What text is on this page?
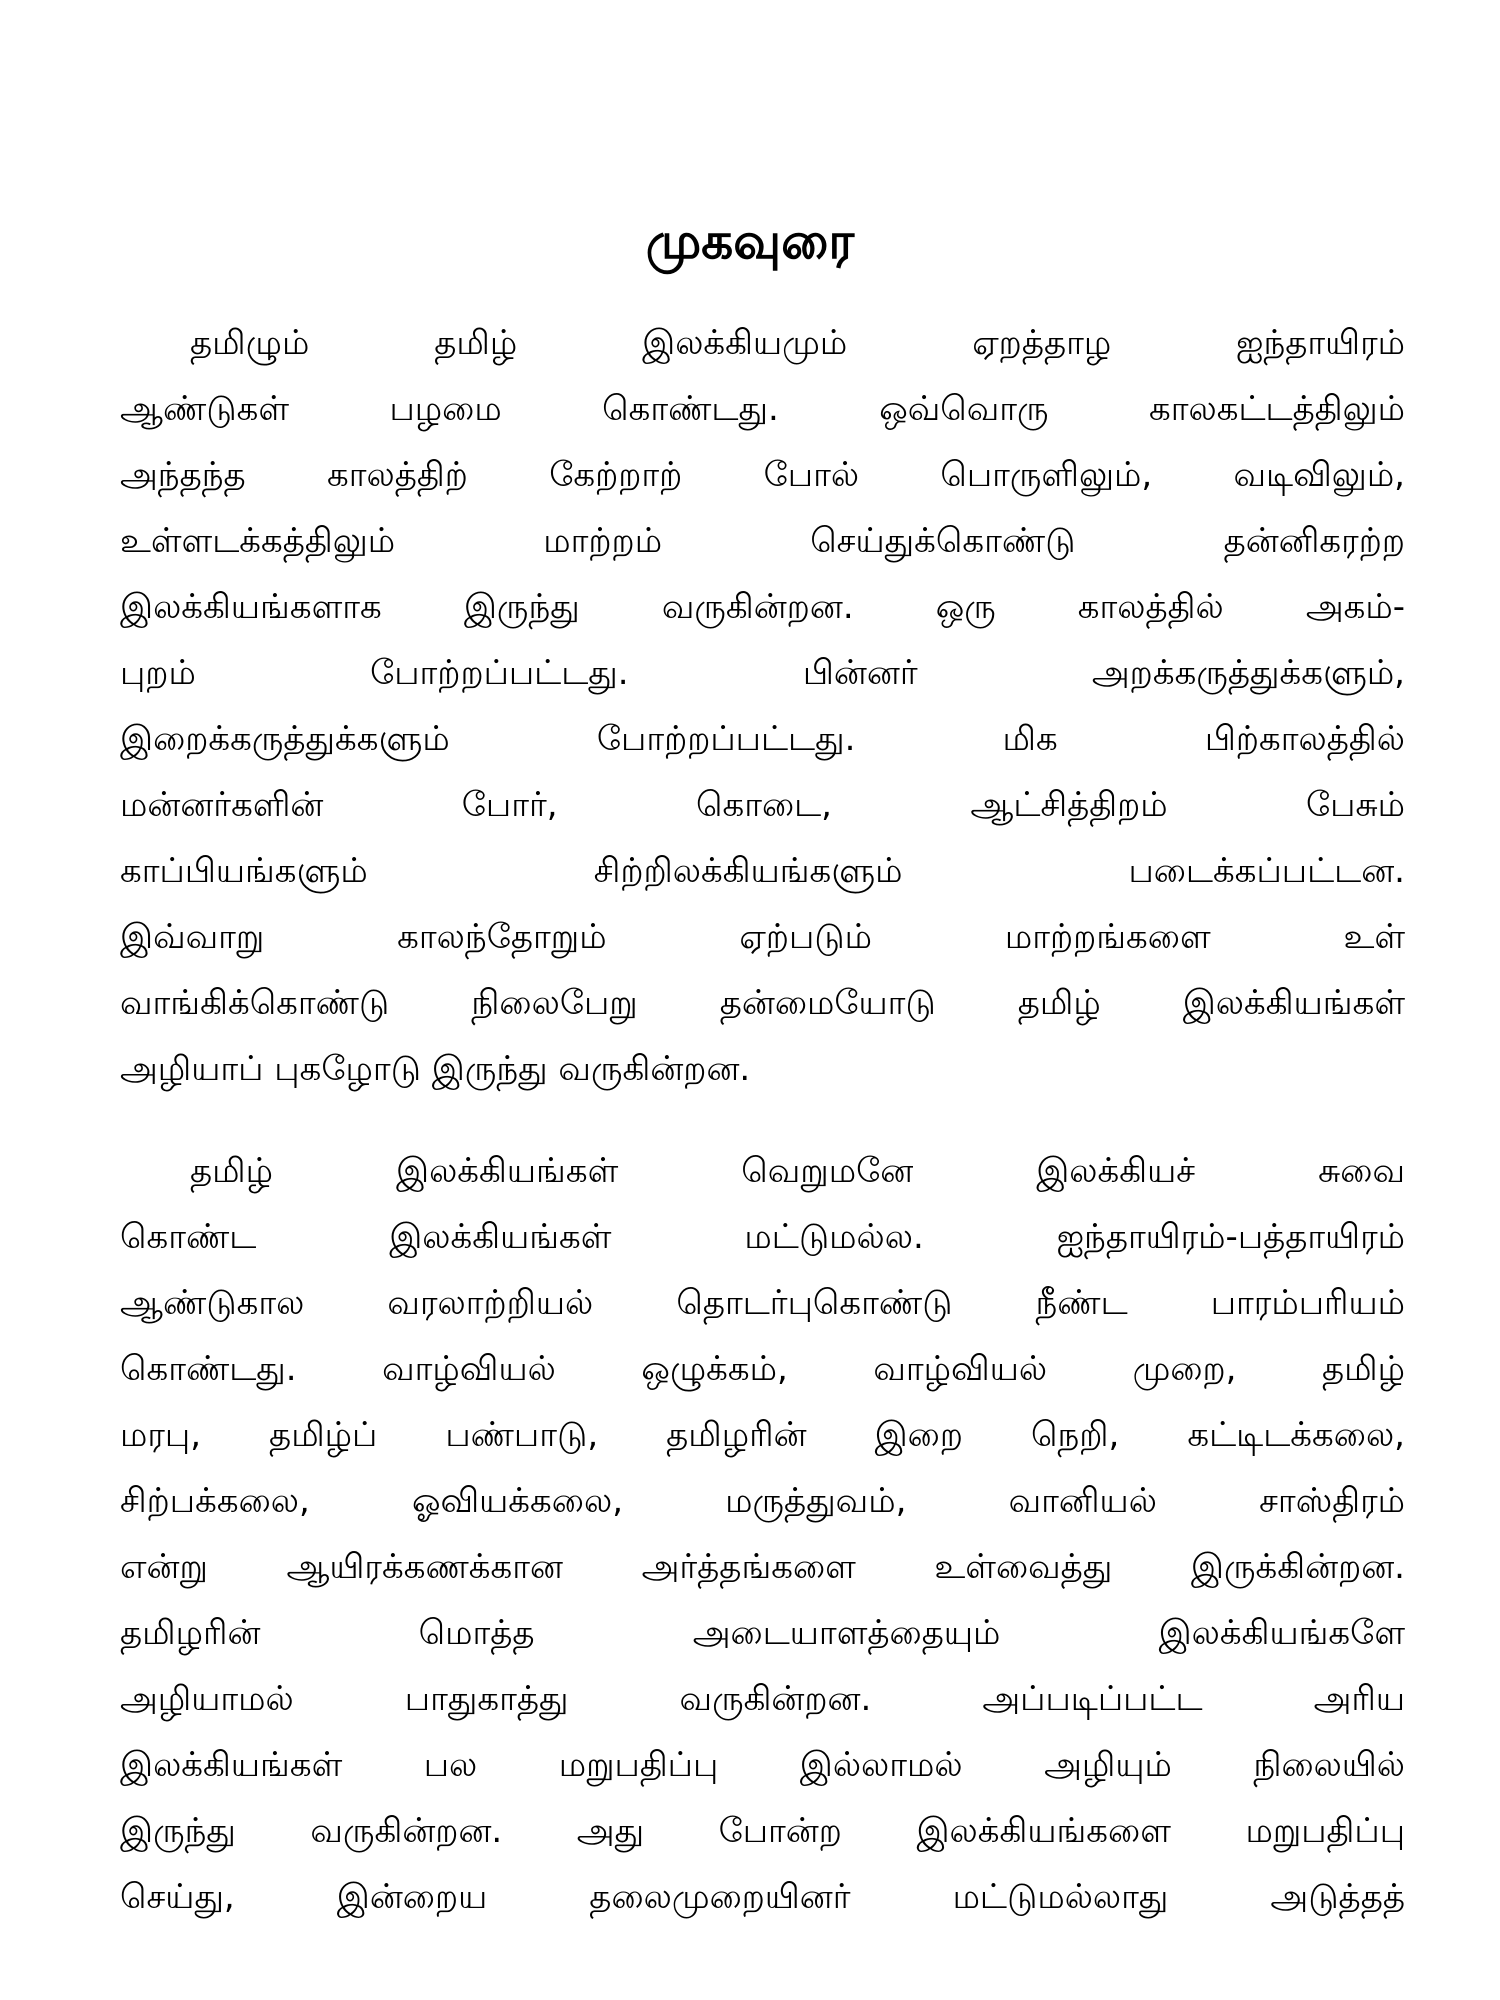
முகவுரை

தமிழும் தமிழ் இலக்கியமும் ஏறத்தாழ ஐந்தாயிரம்
ஆண்டுகள் பழமை கொண்டது. ஒவ்வொரு காலகட்டத்திலும்
அந்தந்த காலத்திற் கேற்றாற் போல் பொருளிலும், வடிவிலும்,
உள்ளடக்கத்திலும் மாற்றம் செய்துக்கொண்டு தன்னிகரற்ற
இலக்கியங்களாக இருந்து வருகின்றன. ஒரு காலத்தில் அகம்-
புறம் போற்றப்பட்டது. பின்னர் அறக்கருத்துக்களும்,
இறைக்கருத்துக்களும் போற்றப்பட்டது. மிக பிற்காலத்தில்
மன்னர்களின் போர், கொடை, ஆட்சித்திறம் பேசும்
காப்பியங்களும் சிற்றிலக்கியங்களும் படைக்கப்பட்டன.
இவ்வாறு காலந்தோறும் ஏற்படும் மாற்றங்களை உள்
வாங்கிக்கொண்டு நிலைபேறு தன்மையோடு தமிழ் இலக்கியங்கள்
அழியாப் புகழோடு இருந்து வருகின்றன.

தமிழ் இலக்கியங்கள் வெறுமனே இலக்கியச் சுவை
கொண்ட இலக்கியங்கள் மட்டுமல்ல. ஐந்தாயிரம்-பத்தாயிரம்
ஆண்டுகால வரலாற்றியல் தொடர்புகொண்டு நீண்ட பாரம்பரியம்
கொண்டது. வாழ்வியல் ஒழுக்கம், வாழ்வியல் முறை, தமிழ்
மரபு, தமிழ்ப் பண்பாடு, தமிழரின் இறை நெறி, கட்டிடக்கலை,
சிற்பக்கலை, ஓவியக்கலை, மருத்துவம், வானியல் சாஸ்திரம்
என்று ஆயிரக்கணக்கான அர்த்தங்களை உள்வைத்து இருக்கின்றன.
தமிழரின் மொத்த அடையாளத்தையும் இலக்கியங்களே
அழியாமல் பாதுகாத்து வருகின்றன. அப்படிப்பட்ட அரிய
இலக்கியங்கள் பல மறுபதிப்பு இல்லாமல் அழியும் நிலையில்
இருந்து வருகின்றன. அது போன்ற இலக்கியங்களை மறுபதிப்பு
செய்து, இன்றைய தலைமுறையினர் மட்டுமல்லாது அடுத்தத்
